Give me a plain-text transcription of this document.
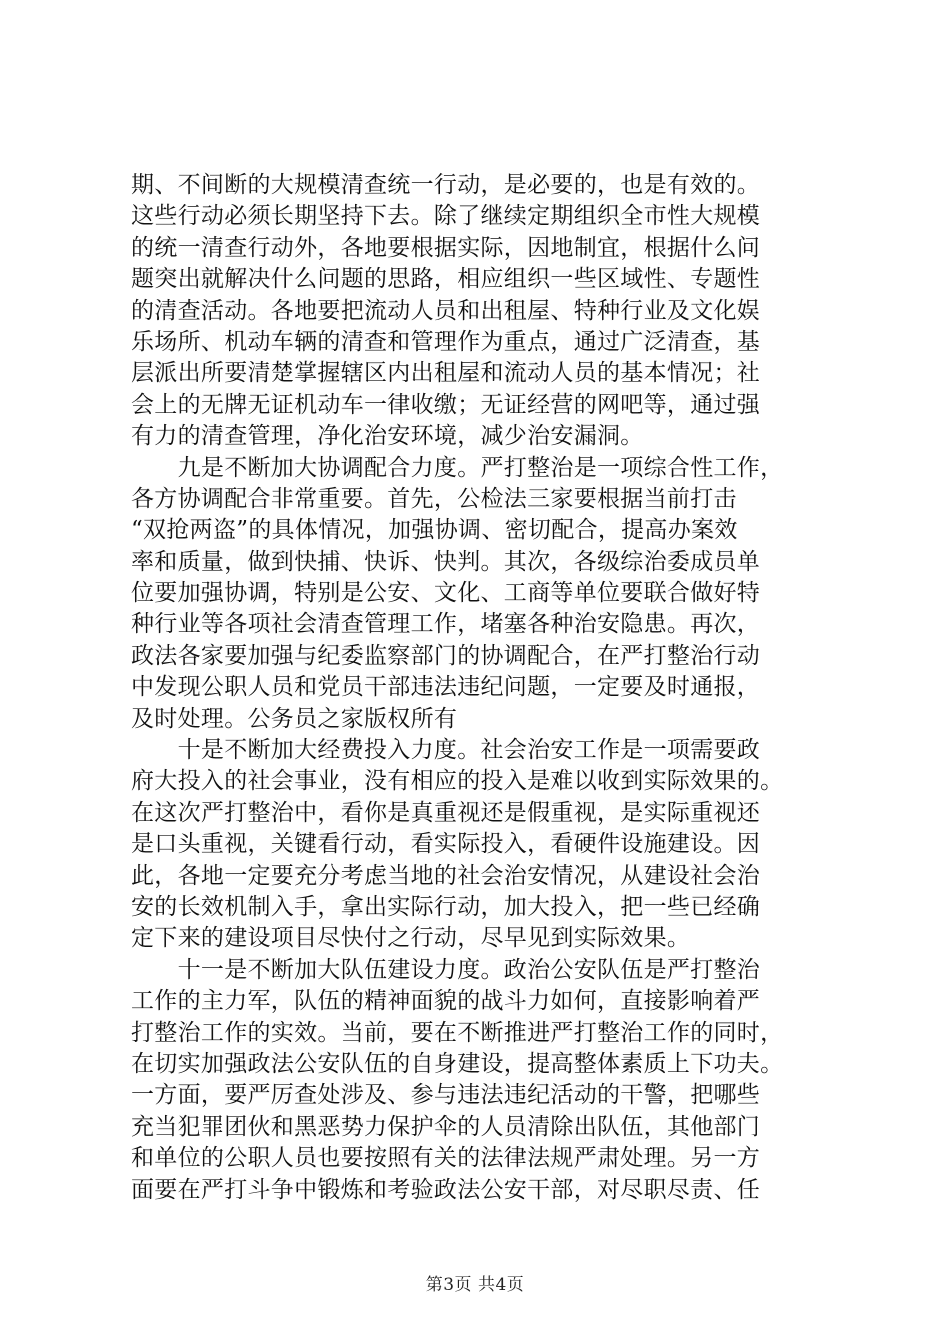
期、不间断的大规模清查统一行动，是必要的，也是有效的。
这些行动必须长期坚持下去。除了继续定期组织全市性大规模
的统一清查行动外，各地要根据实际，因地制宜，根据什么问
题突出就解决什么问题的思路，相应组织一些区域性、专题性
的清查活动。各地要把流动人员和出租屋、特种行业及文化娱
乐场所、机动车辆的清查和管理作为重点，通过广泛清查，基
层派出所要清楚掌握辖区内出租屋和流动人员的基本情况；社
会上的无牌无证机动车一律收缴；无证经营的网吧等，通过强
有力的清查管理，净化治安环境，减少治安漏洞。
　　九是不断加大协调配合力度。严打整治是一项综合性工作，
各方协调配合非常重要。首先，公检法三家要根据当前打击
“双抢两盗”的具体情况，加强协调、密切配合，提高办案效
率和质量，做到快捕、快诉、快判。其次，各级综治委成员单
位要加强协调，特别是公安、文化、工商等单位要联合做好特
种行业等各项社会清查管理工作，堵塞各种治安隐患。再次，
政法各家要加强与纪委监察部门的协调配合，在严打整治行动
中发现公职人员和党员干部违法违纪问题，一定要及时通报，
及时处理。公务员之家版权所有
　　十是不断加大经费投入力度。社会治安工作是一项需要政
府大投入的社会事业，没有相应的投入是难以收到实际效果的。
在这次严打整治中，看你是真重视还是假重视，是实际重视还
是口头重视，关键看行动，看实际投入，看硬件设施建设。因
此，各地一定要充分考虑当地的社会治安情况，从建设社会治
安的长效机制入手，拿出实际行动，加大投入，把一些已经确
定下来的建设项目尽快付之行动，尽早见到实际效果。
　　十一是不断加大队伍建设力度。政治公安队伍是严打整治
工作的主力军，队伍的精神面貌的战斗力如何，直接影响着严
打整治工作的实效。当前，要在不断推进严打整治工作的同时，
在切实加强政法公安队伍的自身建设，提高整体素质上下功夫。
一方面，要严厉查处涉及、参与违法违纪活动的干警，把哪些
充当犯罪团伙和黑恶势力保护伞的人员清除出队伍，其他部门
和单位的公职人员也要按照有关的法律法规严肃处理。另一方
面要在严打斗争中锻炼和考验政法公安干部，对尽职尽责、任
第3页 共4页
